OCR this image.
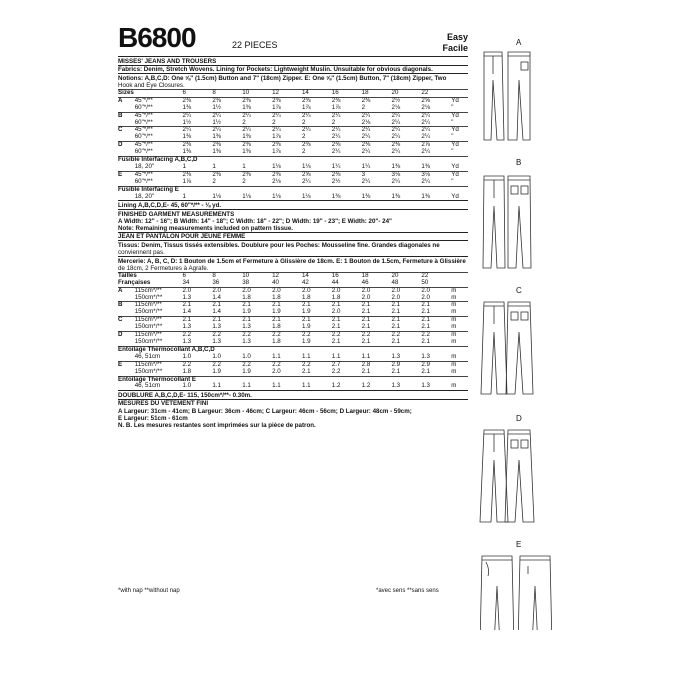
B6800	22 PIECES
Easy
Facile
MISSES' JEANS AND TROUSERS
Fabrics: Denim, Stretch Wovens. Lining for Pockets: Lightweight Muslin. Unsuitable for obvious diagonals.
Notions: A,B,C,D: One ⅝" (1.5cm) Button and 7" (18cm) Zipper. E: One ⅝" (1.5cm) Button, 7" (18cm) Zipper, Two
Hook and Eye Closures.
Sizes		6	8	10	12	14	16	18	20	22	
A	45"*/**	2⅜	2⅜	2⅜	2⅜	2⅜	2⅜	2⅜	2½	2⅝	Yd
	60"*/**	1⅜	1½	1⅜	1⅞	1⅞	1⅞	2	2⅛	2⅛	"
B	45"*/**	2¼	2¼	2¼	2¼	2¼	2¼	2¼	2¼	2¼	Yd
	60"*/**	1½	1½	2	2	2	2	2⅛	2¼	2¼	"
C	45"*/**	2¼	2¼	2¼	2¼	2¼	2¼	2¼	2¼	2¼	Yd
	60"*/**	1⅜	1⅜	1⅜	1⅞	2	2¼	2¼	2¼	2¼	"
D	45"*/**	2⅜	2⅜	2⅜	2⅜	2⅜	2⅜	2⅜	2⅜	2⅞	Yd
	60"*/**	1⅜	1⅜	1⅜	1⅞	2	2¼	2¼	2¼	2¼	"
Fusible Interfacing A,B,C,D											
	18, 20"	1	1	1	1⅛	1⅛	1¼	1¼	1⅜	1⅜	Yd
E	45"*/**	2⅜	2⅜	2⅜	2⅜	2⅝	2⅜	3	3⅛	3⅛	Yd
	60"*/**	1⅞	2	2	2⅛	2¼	2½	2¼	2¼	2¼	"
Fusible Interfacing E											
	18, 20"	1	1⅛	1⅛	1⅛	1⅛	1⅜	1⅜	1⅜	1⅜	Yd
Lining A,B,C,D,E- 45, 60"*/** - ⅛ yd.
FINISHED GARMENT MEASUREMENTS
A Width: 12" - 16"; B Width: 14" - 18"; C Width: 18" - 22"; D Width: 19" - 23"; E Width: 20"- 24"
Note: Remaining measurements included on pattern tissue.
JEAN ET PANTALON POUR JEUNE FEMME
Tissus: Denim, Tissus tissés extensibles. Doublure pour les Poches: Mousseline fine. Grandes diagonales ne
conviennent pas.
Mercerie: A, B, C, D: 1 Bouton de 1.5cm et Fermeture à Glissière de 18cm. E: 1 Bouton de 1.5cm, Fermeture à Glissière
de 18cm, 2 Fermetures à Agrafe.
Tailles		6	8	10	12	14	16	18	20	22	
Françaises		34	36	38	40	42	44	46	48	50	
A	115cm*/**	2.0	2.0	2.0	2.0	2.0	2.0	2.0	2.0	2.0	m
	150cm*/**	1.3	1.4	1.8	1.8	1.8	1.8	2.0	2.0	2.0	m
B	115cm*/**	2.1	2.1	2.1	2.1	2.1	2.1	2.1	2.1	2.1	m
	150cm*/**	1.4	1.4	1.9	1.9	1.9	2.0	2.1	2.1	2.1	m
C	115cm*/**	2.1	2.1	2.1	2.1	2.1	2.1	2.1	2.1	2.1	m
	150cm*/**	1.3	1.3	1.3	1.8	1.9	2.1	2.1	2.1	2.1	m
D	115cm*/**	2.2	2.2	2.2	2.2	2.2	2.2	2.2	2.2	2.2	m
	150cm*/**	1.3	1.3	1.3	1.8	1.9	2.1	2.1	2.1	2.1	m
Entoilage Thermocollant A,B,C,D											
	46, 51cm	1.0	1.0	1.0	1.1	1.1	1.1	1.1	1.3	1.3	m
E	115cm*/**	2.2	2.2	2.2	2.2	2.2	2.7	2.8	2.9	2.9	m
	150cm*/**	1.8	1.9	1.9	2.0	2.1	2.2	2.1	2.1	2.1	m
Entoilage Thermocollant E											
	46, 51cm	1.0	1.1	1.1	1.1	1.1	1.2	1.2	1.3	1.3	m
DOUBLURE A,B,C,D,E- 115, 150cm*/**- 0.30m.
MESURES DU VÊTEMENT FINI
A Largeur: 31cm - 41cm; B Largeur: 36cm - 46cm; C Largeur: 46cm - 56cm; D Largeur: 48cm - 59cm;
E Largeur: 51cm - 61cm
N. B. Les mesures restantes sont imprimées sur la pièce de patron.
*with nap **without nap	*avec sens **sans sens
A
B
C
D
E
